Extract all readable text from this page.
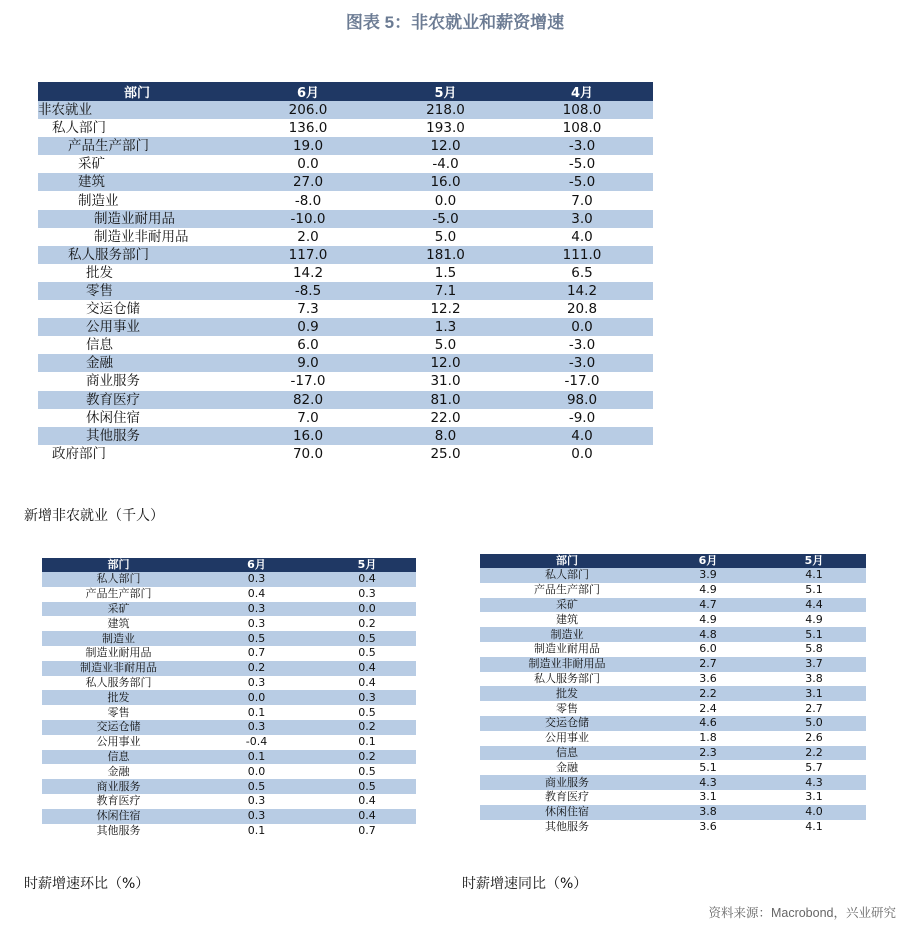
图表 5：非农就业和薪资增速
部门	6月	5月	4月
非农就业	206.0	218.0	108.0
私人部门	136.0	193.0	108.0
产品生产部门	19.0	12.0	-3.0
采矿	0.0	-4.0	-5.0
建筑	27.0	16.0	-5.0
制造业	-8.0	0.0	7.0
制造业耐用品	-10.0	-5.0	3.0
制造业非耐用品	2.0	5.0	4.0
私人服务部门	117.0	181.0	111.0
批发	14.2	1.5	6.5
零售	-8.5	7.1	14.2
交运仓储	7.3	12.2	20.8
公用事业	0.9	1.3	0.0
信息	6.0	5.0	-3.0
金融	9.0	12.0	-3.0
商业服务	-17.0	31.0	-17.0
教育医疗	82.0	81.0	98.0
休闲住宿	7.0	22.0	-9.0
其他服务	16.0	8.0	4.0
政府部门	70.0	25.0	0.0
新增非农就业（千人）
部门	6月	5月
私人部门	0.3	0.4
产品生产部门	0.4	0.3
采矿	0.3	0.0
建筑	0.3	0.2
制造业	0.5	0.5
制造业耐用品	0.7	0.5
制造业非耐用品	0.2	0.4
私人服务部门	0.3	0.4
批发	0.0	0.3
零售	0.1	0.5
交运仓储	0.3	0.2
公用事业	-0.4	0.1
信息	0.1	0.2
金融	0.0	0.5
商业服务	0.5	0.5
教育医疗	0.3	0.4
休闲住宿	0.3	0.4
其他服务	0.1	0.7
部门	6月	5月
私人部门	3.9	4.1
产品生产部门	4.9	5.1
采矿	4.7	4.4
建筑	4.9	4.9
制造业	4.8	5.1
制造业耐用品	6.0	5.8
制造业非耐用品	2.7	3.7
私人服务部门	3.6	3.8
批发	2.2	3.1
零售	2.4	2.7
交运仓储	4.6	5.0
公用事业	1.8	2.6
信息	2.3	2.2
金融	5.1	5.7
商业服务	4.3	4.3
教育医疗	3.1	3.1
休闲住宿	3.8	4.0
其他服务	3.6	4.1
时薪增速环比（%）	时薪增速同比（%）
资料来源：Macrobond，兴业研究
